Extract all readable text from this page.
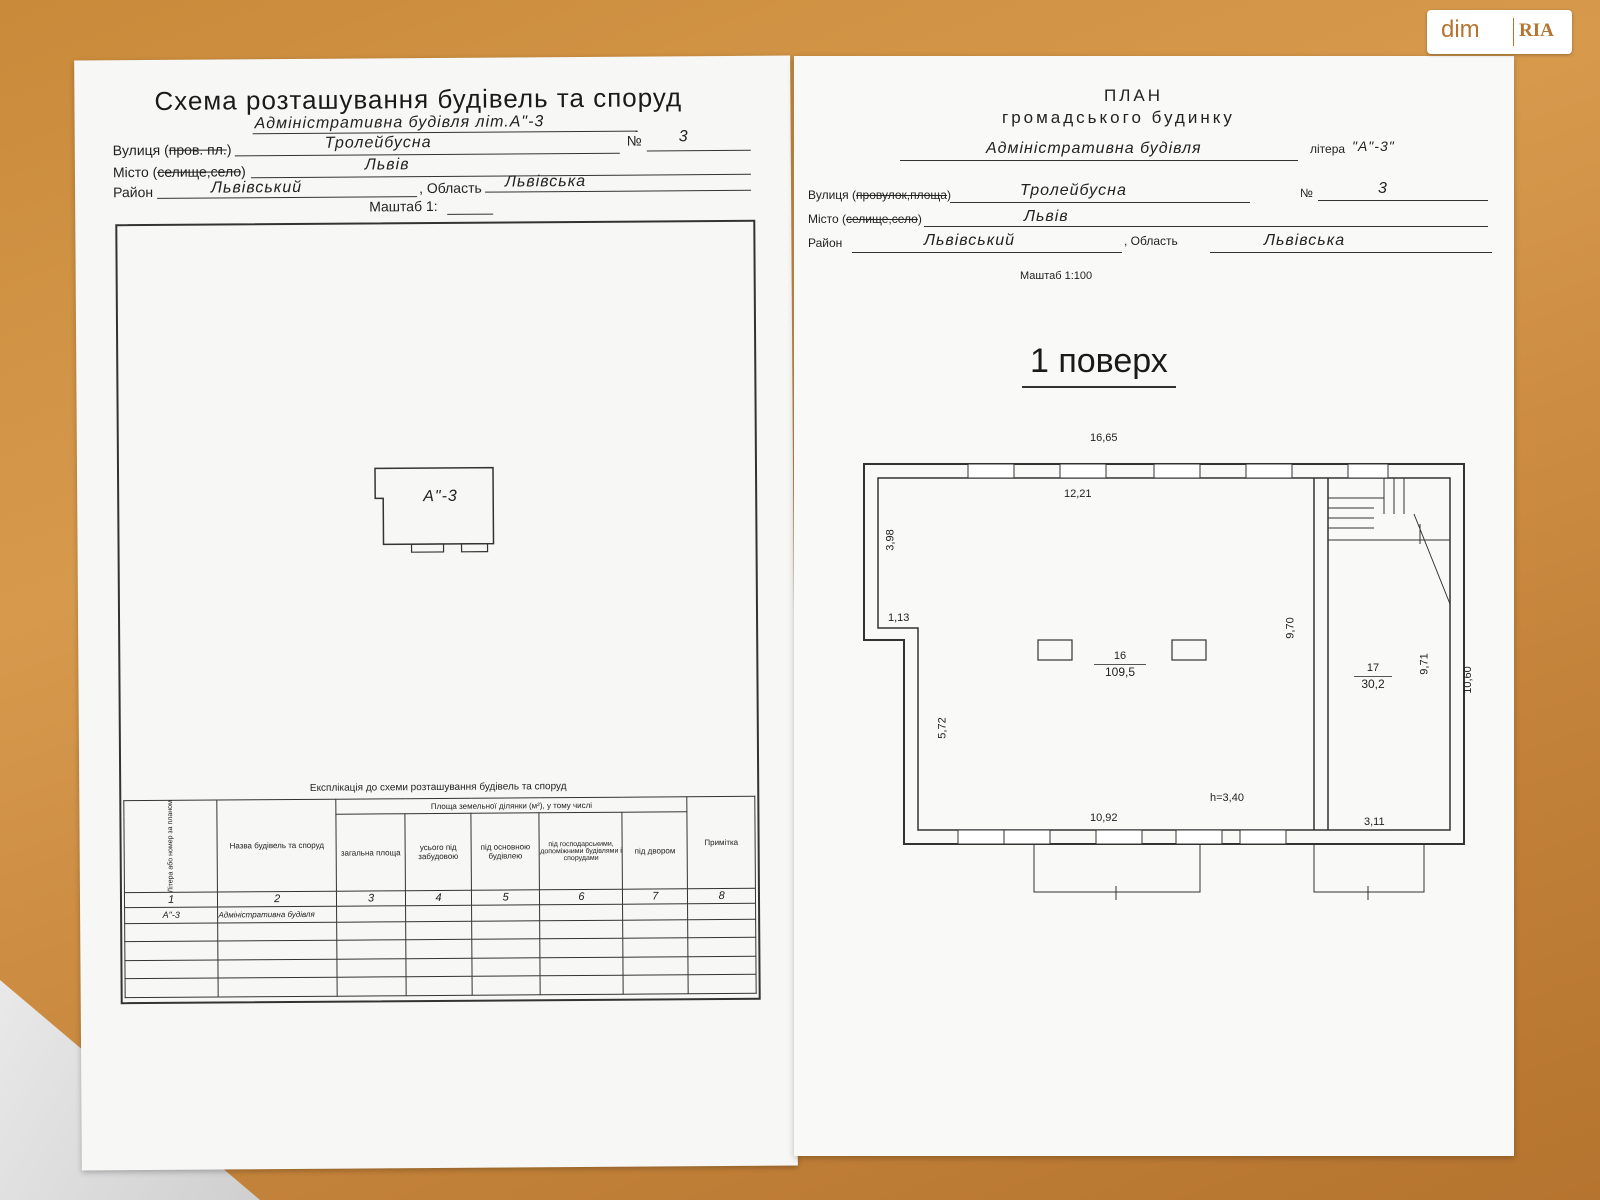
Схема розташування будівель та споруд
Адміністративна будівля літ.А"-3
Вулиця (пров. пл.)	Тролейбусна	№ 3
Місто (селище,село)	Львів
Район	Львівський	, Область Львівська
Маштаб 1:
А"-3
Експлікація до схеми розташування будівель та споруд
Літера або номер за планом	Назва будівель та споруд	Площа земельної ділянки (м²), у тому числі					Примітка
		загальна площа	усього під забудовою	під основною будівлею	під господарськими, допоміжними будівлями і спорудами	під двором	
1	2	3	4	5	6	7	8
А"-3	Адміністративна будівля						

ПЛАН
громадського будинку
Адміністративна будівля	літера "А"-3"
Вулиця (провулок,площа)	Тролейбусна	№	3
Місто (селище,село)	Львів
Район	Львівський	, Область	Львівська
Маштаб 1:100
1 поверх
16,65
12,21
3,98
1,13
5,72
9,70
9,71
10,60
10,92	3,11
h=3,40
16
109,5	17
30,2
dim RIA
